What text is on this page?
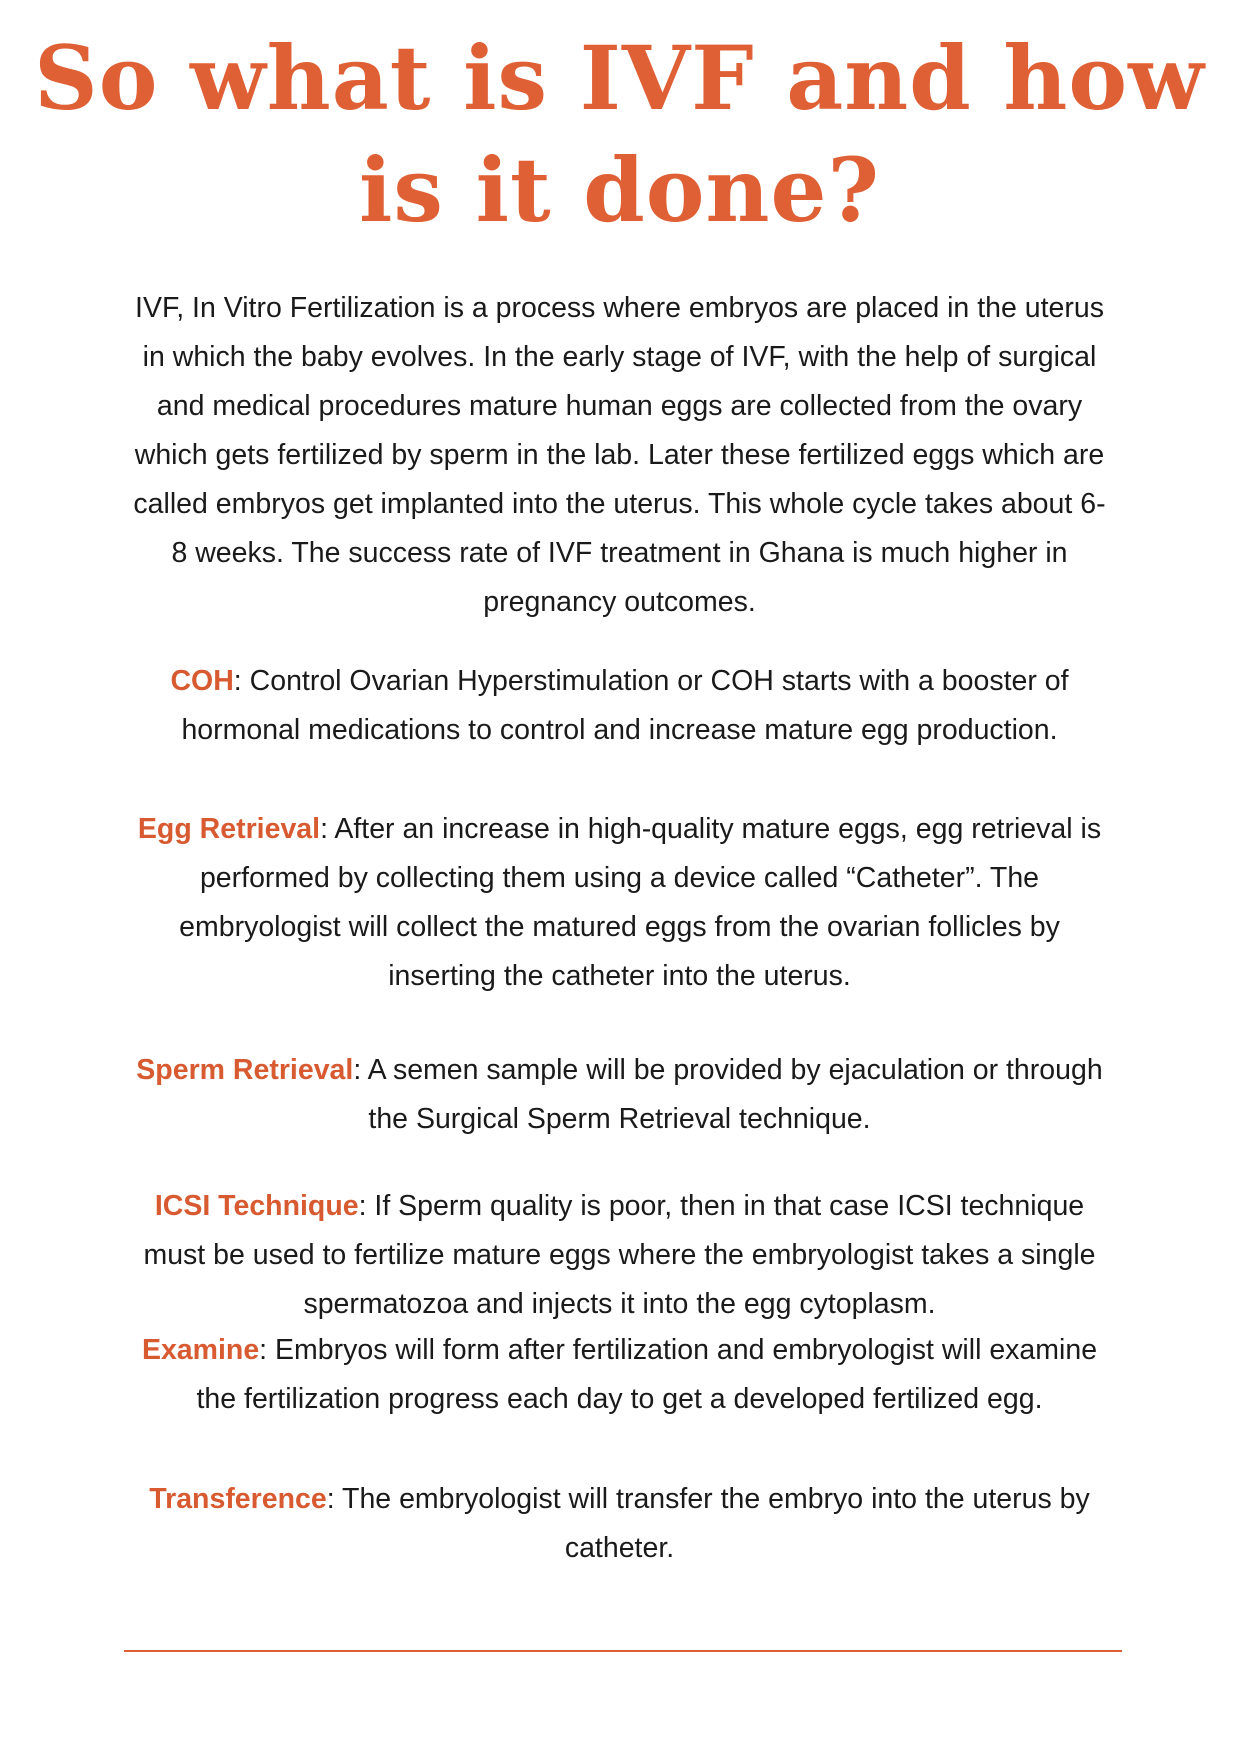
So what is IVF and how
is it done?

IVF, In Vitro Fertilization is a process where embryos are placed in the uterus in which the baby evolves. In the early stage of IVF, with the help of surgical and medical procedures mature human eggs are collected from the ovary which gets fertilized by sperm in the lab. Later these fertilized eggs which are called embryos get implanted into the uterus. This whole cycle takes about 6-8 weeks. The success rate of IVF treatment in Ghana is much higher in pregnancy outcomes.

COH: Control Ovarian Hyperstimulation or COH starts with a booster of hormonal medications to control and increase mature egg production.

Egg Retrieval: After an increase in high-quality mature eggs, egg retrieval is performed by collecting them using a device called “Catheter”. The embryologist will collect the matured eggs from the ovarian follicles by inserting the catheter into the uterus.

Sperm Retrieval: A semen sample will be provided by ejaculation or through the Surgical Sperm Retrieval technique.

ICSI Technique: If Sperm quality is poor, then in that case ICSI technique must be used to fertilize mature eggs where the embryologist takes a single spermatozoa and injects it into the egg cytoplasm.

Examine: Embryos will form after fertilization and embryologist will examine the fertilization progress each day to get a developed fertilized egg.

Transference: The embryologist will transfer the embryo into the uterus by catheter.
